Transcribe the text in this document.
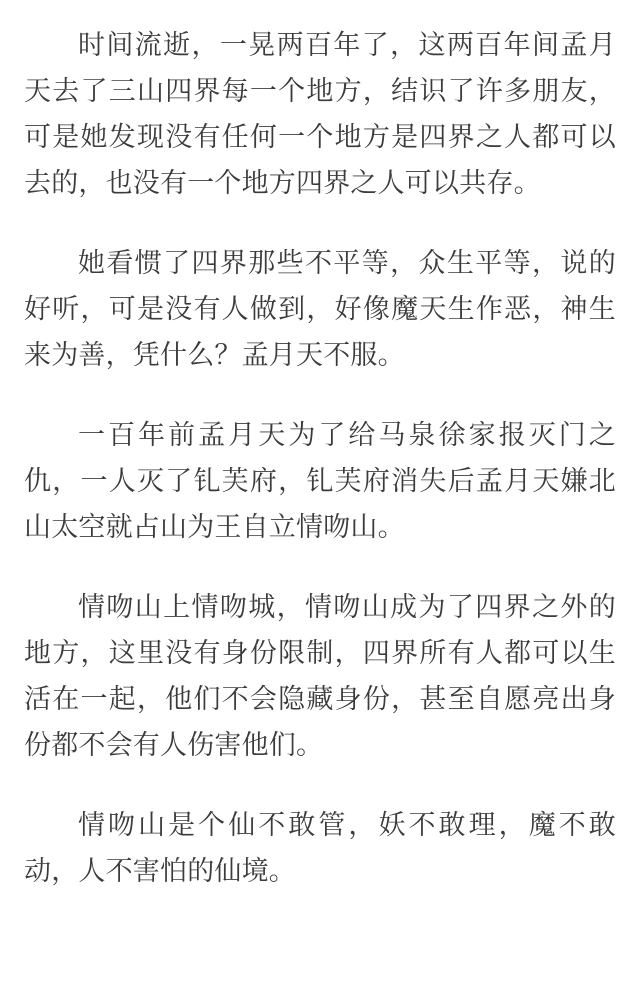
时间流逝，一晃两百年了，这两百年间孟月天去了三山四界每一个地方，结识了许多朋友，可是她发现没有任何一个地方是四界之人都可以去的，也没有一个地方四界之人可以共存。

她看惯了四界那些不平等，众生平等，说的好听，可是没有人做到，好像魔天生作恶，神生来为善，凭什么？孟月天不服。

一百年前孟月天为了给马泉徐家报灭门之仇，一人灭了钆芙府，钆芙府消失后孟月天嫌北山太空就占山为王自立情吻山。

情吻山上情吻城，情吻山成为了四界之外的地方，这里没有身份限制，四界所有人都可以生活在一起，他们不会隐藏身份，甚至自愿亮出身份都不会有人伤害他们。

情吻山是个仙不敢管，妖不敢理，魔不敢动，人不害怕的仙境。
